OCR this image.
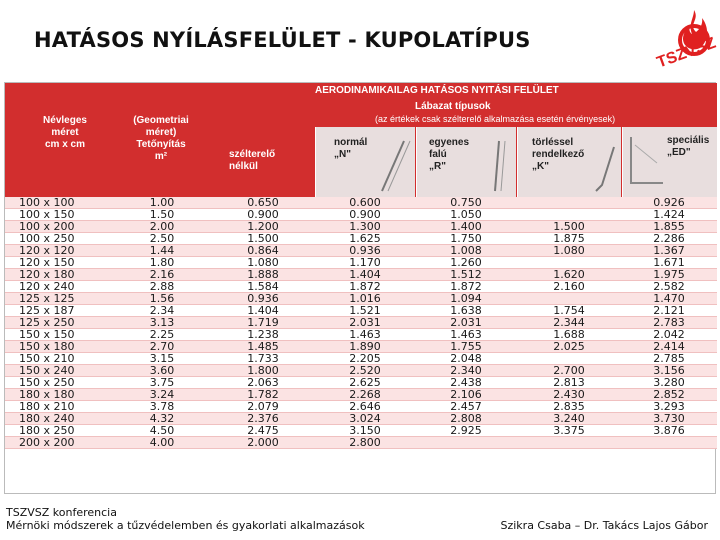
HATÁSOS NYÍLÁSFELÜLET - KUPOLATÍPUS	TSZVSZ
AERODINAMIKAILAG HATÁSOS NYITÁSI FELÜLET
Névleges
méret
cm x cm
(Geometriai
méret)
Tetőnyítás
m²
Lábazat típusok
(az értékek csak szélterelő alkalmazása esetén érvényesek)
szélterelő
nélkül
normál
„N"
egyenes
falú
„R"
törléssel
rendelkező
„K"
speciális
„ED"
100 x 100	1.00	0.650	0.600	0.750		0.926
100 x 150	1.50	0.900	0.900	1.050		1.424
100 x 200	2.00	1.200	1.300	1.400	1.500	1.855
100 x 250	2.50	1.500	1.625	1.750	1.875	2.286
120 x 120	1.44	0.864	0.936	1.008	1.080	1.367
120 x 150	1.80	1.080	1.170	1.260		1.671
120 x 180	2.16	1.888	1.404	1.512	1.620	1.975
120 x 240	2.88	1.584	1.872	1.872	2.160	2.582
125 x 125	1.56	0.936	1.016	1.094		1.470
125 x 187	2.34	1.404	1.521	1.638	1.754	2.121
125 x 250	3.13	1.719	2.031	2.031	2.344	2.783
150 x 150	2.25	1.238	1.463	1.463	1.688	2.042
150 x 180	2.70	1.485	1.890	1.755	2.025	2.414
150 x 210	3.15	1.733	2.205	2.048		2.785
150 x 240	3.60	1.800	2.520	2.340	2.700	3.156
150 x 250	3.75	2.063	2.625	2.438	2.813	3.280
180 x 180	3.24	1.782	2.268	2.106	2.430	2.852
180 x 210	3.78	2.079	2.646	2.457	2.835	3.293
180 x 240	4.32	2.376	3.024	2.808	3.240	3.730
180 x 250	4.50	2.475	3.150	2.925	3.375	3.876
200 x 200	4.00	2.000	2.800			
TSZVSZ konferencia
Mérnöki módszerek a tűzvédelemben és gyakorlati alkalmazások	Szikra Csaba – Dr. Takács Lajos Gábor
